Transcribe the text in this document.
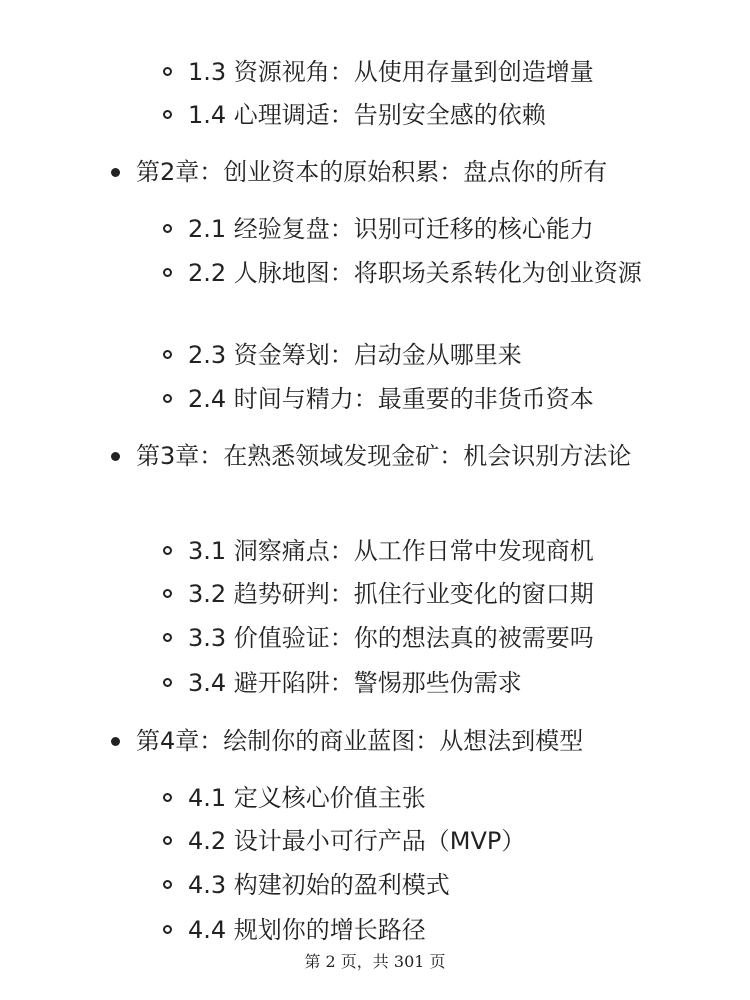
1.3 资源视角：从使用存量到创造增量
1.4 心理调适：告别安全感的依赖
第2章：创业资本的原始积累：盘点你的所有
2.1 经验复盘：识别可迁移的核心能力
2.2 人脉地图：将职场关系转化为创业资源
2.3 资金筹划：启动金从哪里来
2.4 时间与精力：最重要的非货币资本
第3章：在熟悉领域发现金矿：机会识别方法论
3.1 洞察痛点：从工作日常中发现商机
3.2 趋势研判：抓住行业变化的窗口期
3.3 价值验证：你的想法真的被需要吗
3.4 避开陷阱：警惕那些伪需求
第4章：绘制你的商业蓝图：从想法到模型
4.1 定义核心价值主张
4.2 设计最小可行产品（MVP）
4.3 构建初始的盈利模式
4.4 规划你的增长路径
第 2 页，共 301 页
